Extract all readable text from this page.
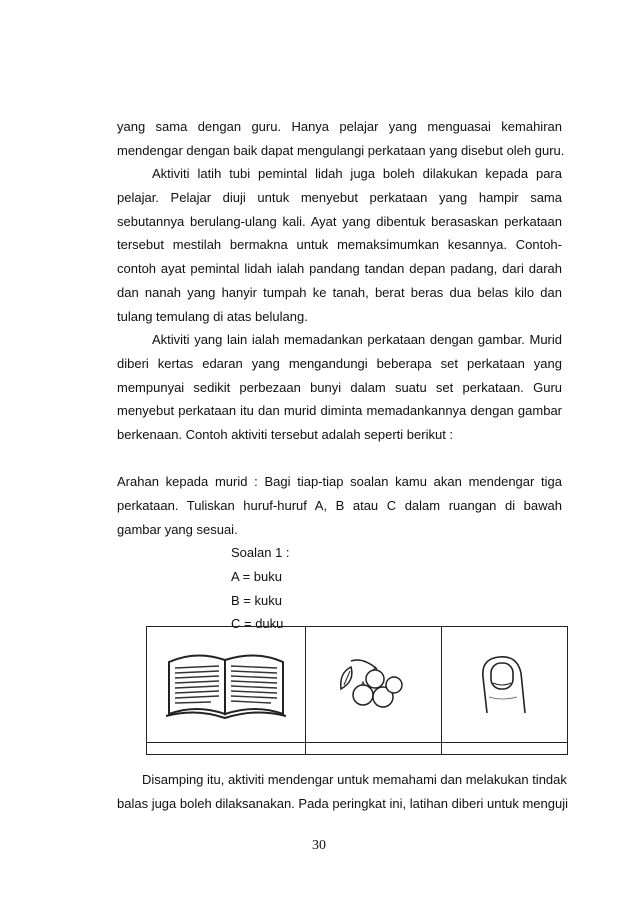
yang sama dengan guru. Hanya pelajar yang menguasai kemahiran
mendengar dengan baik dapat mengulangi perkataan yang disebut oleh guru.
Aktiviti latih tubi pemintal lidah juga boleh dilakukan kepada para
pelajar. Pelajar diuji untuk menyebut perkataan yang hampir sama
sebutannya berulang-ulang kali. Ayat yang dibentuk berasaskan perkataan
tersebut mestilah bermakna untuk memaksimumkan kesannya. Contoh-
contoh ayat pemintal lidah ialah pandang tandan depan padang, dari darah
dan nanah yang hanyir tumpah ke tanah, berat beras dua belas kilo dan
tulang temulang di atas belulang.
Aktiviti yang lain ialah memadankan perkataan dengan gambar. Murid
diberi kertas edaran yang mengandungi beberapa set perkataan yang
mempunyai sedikit perbezaan bunyi dalam suatu set perkataan. Guru
menyebut perkataan itu dan murid diminta memadankannya dengan gambar
berkenaan. Contoh aktiviti tersebut adalah seperti berikut :
Arahan kepada murid : Bagi tiap-tiap soalan kamu akan mendengar tiga
perkataan. Tuliskan huruf-huruf A, B atau C dalam ruangan di bawah
gambar yang sesuai.
Soalan 1 :
A = buku
B = kuku
C = duku

Disamping itu, aktiviti mendengar untuk memahami dan melakukan tindak
balas juga boleh dilaksanakan. Pada peringkat ini, latihan diberi untuk menguji
30
